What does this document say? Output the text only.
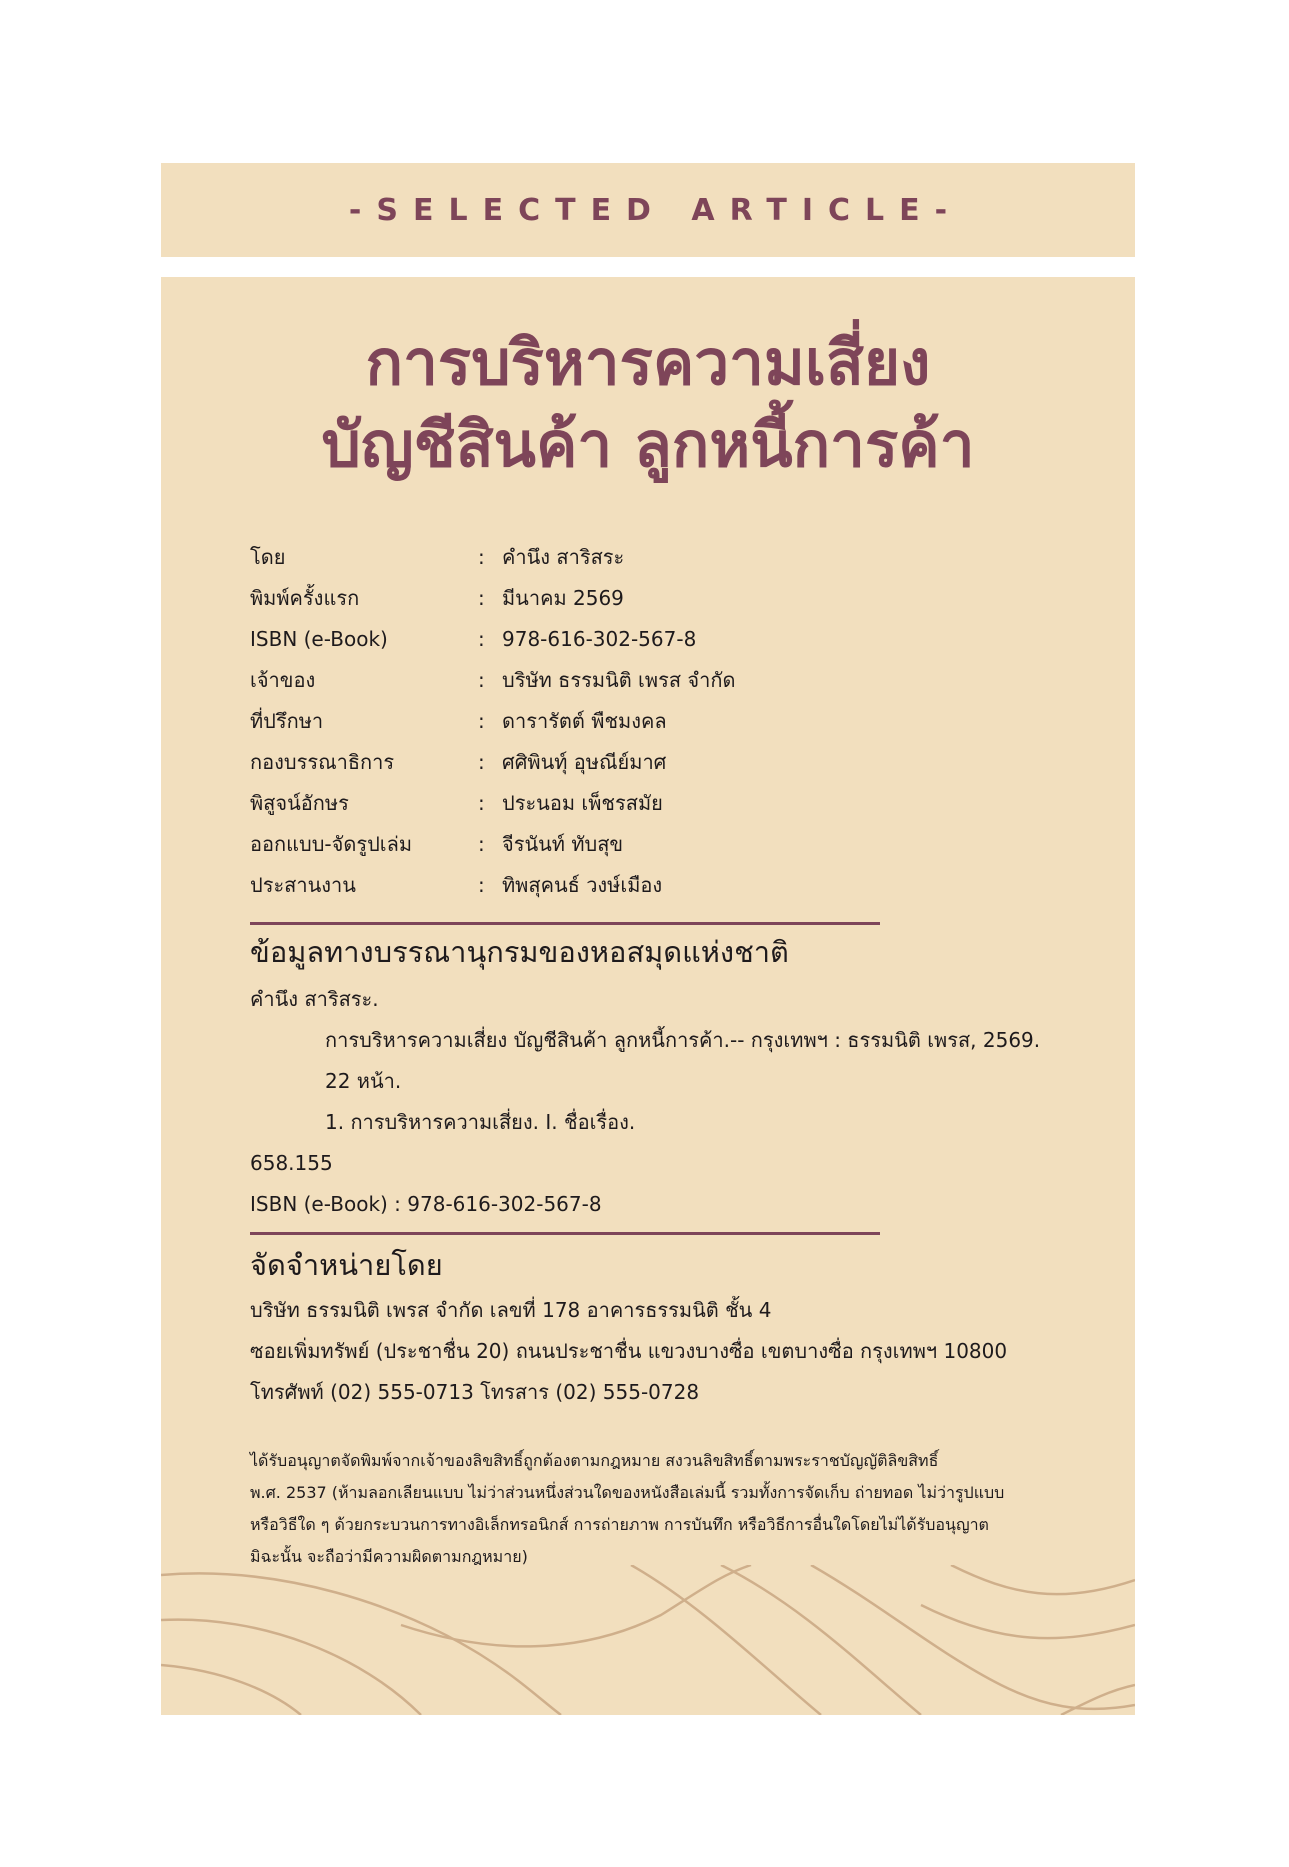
-SELECTED ARTICLE-
การบริหารความเสี่ยง
บัญชีสินค้า ลูกหนี้การค้า
โดย	: คำนึง สาริสระ
พิมพ์ครั้งแรก	: มีนาคม 2569
ISBN (e-Book)	: 978-616-302-567-8
เจ้าของ	: บริษัท ธรรมนิติ เพรส จำกัด
ที่ปรึกษา	: ดารารัตต์ พืชมงคล
กองบรรณาธิการ	: ศศิพินทุ์ อุษณีย์มาศ
พิสูจน์อักษร	: ประนอม เพ็ชรสมัย
ออกแบบ-จัดรูปเล่ม	: จีรนันท์ ทับสุข
ประสานงาน	: ทิพสุคนธ์ วงษ์เมือง
ข้อมูลทางบรรณานุกรมของหอสมุดแห่งชาติ
คำนึง สาริสระ.
การบริหารความเสี่ยง บัญชีสินค้า ลูกหนี้การค้า.-- กรุงเทพฯ : ธรรมนิติ เพรส, 2569.
22 หน้า.
1. การบริหารความเสี่ยง. I. ชื่อเรื่อง.
658.155
ISBN (e-Book) : 978-616-302-567-8
จัดจำหน่ายโดย
บริษัท ธรรมนิติ เพรส จำกัด เลขที่ 178 อาคารธรรมนิติ ชั้น 4
ซอยเพิ่มทรัพย์ (ประชาชื่น 20) ถนนประชาชื่น แขวงบางซื่อ เขตบางซื่อ กรุงเทพฯ 10800
โทรศัพท์ (02) 555-0713 โทรสาร (02) 555-0728
ได้รับอนุญาตจัดพิมพ์จากเจ้าของลิขสิทธิ์ถูกต้องตามกฎหมาย สงวนลิขสิทธิ์ตามพระราชบัญญัติลิขสิทธิ์
พ.ศ. 2537 (ห้ามลอกเลียนแบบ ไม่ว่าส่วนหนึ่งส่วนใดของหนังสือเล่มนี้ รวมทั้งการจัดเก็บ ถ่ายทอด ไม่ว่ารูปแบบ
หรือวิธีใด ๆ ด้วยกระบวนการทางอิเล็กทรอนิกส์ การถ่ายภาพ การบันทึก หรือวิธีการอื่นใดโดยไม่ได้รับอนุญาต
มิฉะนั้น จะถือว่ามีความผิดตามกฎหมาย)
